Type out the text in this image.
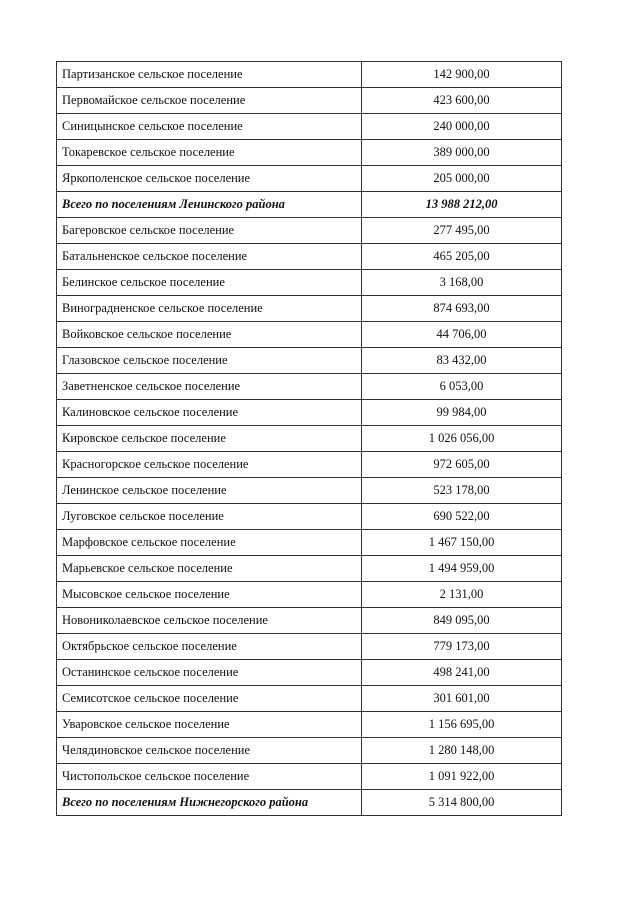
Партизанское сельское поселение	142 900,00
Первомайское сельское поселение	423 600,00
Синицынское сельское поселение	240 000,00
Токаревское сельское поселение	389 000,00
Яркополенское сельское поселение	205 000,00
Всего по поселениям Ленинского района	13 988 212,00
Багеровское сельское поселение	277 495,00
Батальненское сельское поселение	465 205,00
Белинское сельское поселение	3 168,00
Виноградненское сельское поселение	874 693,00
Войковское сельское поселение	44 706,00
Глазовское сельское поселение	83 432,00
Заветненское сельское поселение	6 053,00
Калиновское сельское поселение	99 984,00
Кировское сельское поселение	1 026 056,00
Красногорское сельское поселение	972 605,00
Ленинское сельское поселение	523 178,00
Луговское сельское поселение	690 522,00
Марфовское сельское поселение	1 467 150,00
Марьевское сельское поселение	1 494 959,00
Мысовское сельское поселение	2 131,00
Новониколаевское сельское поселение	849 095,00
Октябрьское сельское поселение	779 173,00
Останинское сельское поселение	498 241,00
Семисотское сельское поселение	301 601,00
Уваровское сельское поселение	1 156 695,00
Челядиновское сельское поселение	1 280 148,00
Чистопольское сельское поселение	1 091 922,00
Всего по поселениям Нижнегорского района	5 314 800,00
